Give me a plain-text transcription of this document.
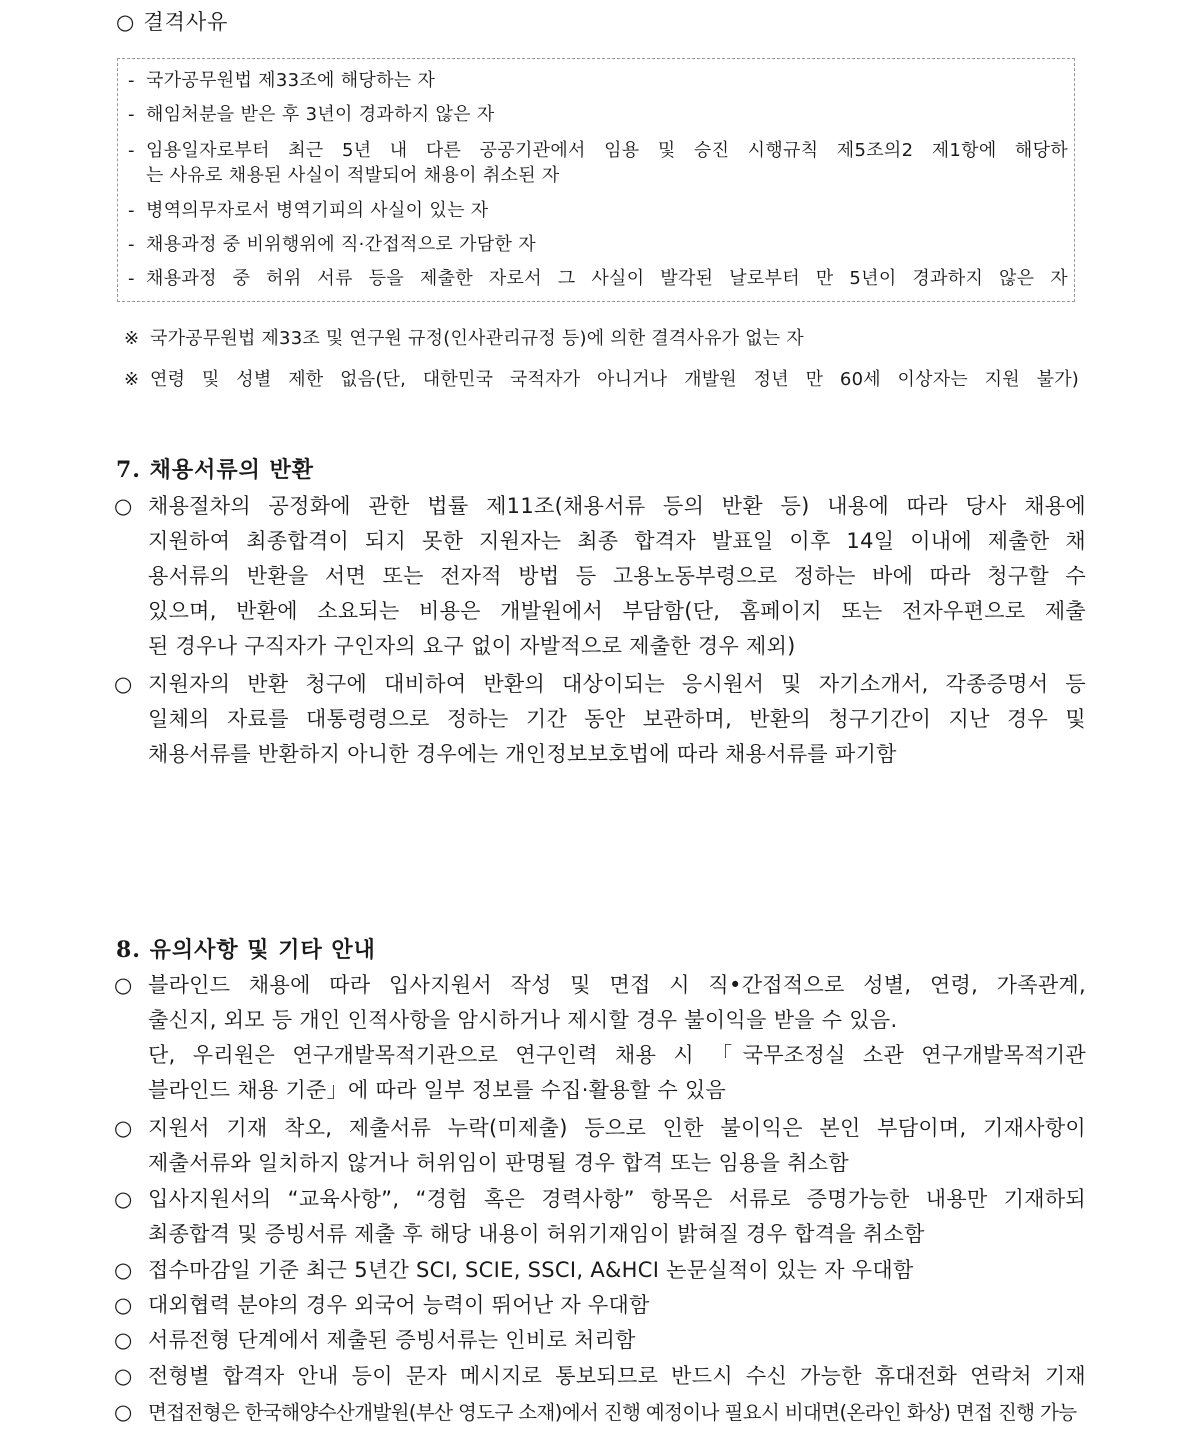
○ 결격사유
- 국가공무원법 제33조에 해당하는 자
- 해임처분을 받은 후 3년이 경과하지 않은 자
- 임용일자로부터 최근 5년 내 다른 공공기관에서 임용 및 승진 시행규칙 제5조의2 제1항에 해당하
는 사유로 채용된 사실이 적발되어 채용이 취소된 자
- 병역의무자로서 병역기피의 사실이 있는 자
- 채용과정 중 비위행위에 직·간접적으로 가담한 자
- 채용과정 중 허위 서류 등을 제출한 자로서 그 사실이 발각된 날로부터 만 5년이 경과하지 않은 자
※ 국가공무원법 제33조 및 연구원 규정(인사관리규정 등)에 의한 결격사유가 없는 자
※ 연령 및 성별 제한 없음(단, 대한민국 국적자가 아니거나 개발원 정년 만 60세 이상자는 지원 불가)
7. 채용서류의 반환
○ 채용절차의 공정화에 관한 법률 제11조(채용서류 등의 반환 등) 내용에 따라 당사 채용에
지원하여 최종합격이 되지 못한 지원자는 최종 합격자 발표일 이후 14일 이내에 제출한 채
용서류의 반환을 서면 또는 전자적 방법 등 고용노동부령으로 정하는 바에 따라 청구할 수
있으며, 반환에 소요되는 비용은 개발원에서 부담함(단, 홈페이지 또는 전자우편으로 제출
된 경우나 구직자가 구인자의 요구 없이 자발적으로 제출한 경우 제외)
○ 지원자의 반환 청구에 대비하여 반환의 대상이되는 응시원서 및 자기소개서, 각종증명서 등
일체의 자료를 대통령령으로 정하는 기간 동안 보관하며, 반환의 청구기간이 지난 경우 및
채용서류를 반환하지 아니한 경우에는 개인정보보호법에 따라 채용서류를 파기함
8. 유의사항 및 기타 안내
○ 블라인드 채용에 따라 입사지원서 작성 및 면접 시 직•간접적으로 성별, 연령, 가족관계,
출신지, 외모 등 개인 인적사항을 암시하거나 제시할 경우 불이익을 받을 수 있음.
단, 우리원은 연구개발목적기관으로 연구인력 채용 시 「국무조정실 소관 연구개발목적기관
블라인드 채용 기준」에 따라 일부 정보를 수집·활용할 수 있음
○ 지원서 기재 착오, 제출서류 누락(미제출) 등으로 인한 불이익은 본인 부담이며, 기재사항이
제출서류와 일치하지 않거나 허위임이 판명될 경우 합격 또는 임용을 취소함
○ 입사지원서의 “교육사항”, “경험 혹은 경력사항” 항목은 서류로 증명가능한 내용만 기재하되
최종합격 및 증빙서류 제출 후 해당 내용이 허위기재임이 밝혀질 경우 합격을 취소함
○ 접수마감일 기준 최근 5년간 SCI, SCIE, SSCI, A&HCI 논문실적이 있는 자 우대함
○ 대외협력 분야의 경우 외국어 능력이 뛰어난 자 우대함
○ 서류전형 단계에서 제출된 증빙서류는 인비로 처리함
○ 전형별 합격자 안내 등이 문자 메시지로 통보되므로 반드시 수신 가능한 휴대전화 연락처 기재
○ 면접전형은 한국해양수산개발원(부산 영도구 소재)에서 진행 예정이나 필요시 비대면(온라인 화상) 면접 진행 가능
